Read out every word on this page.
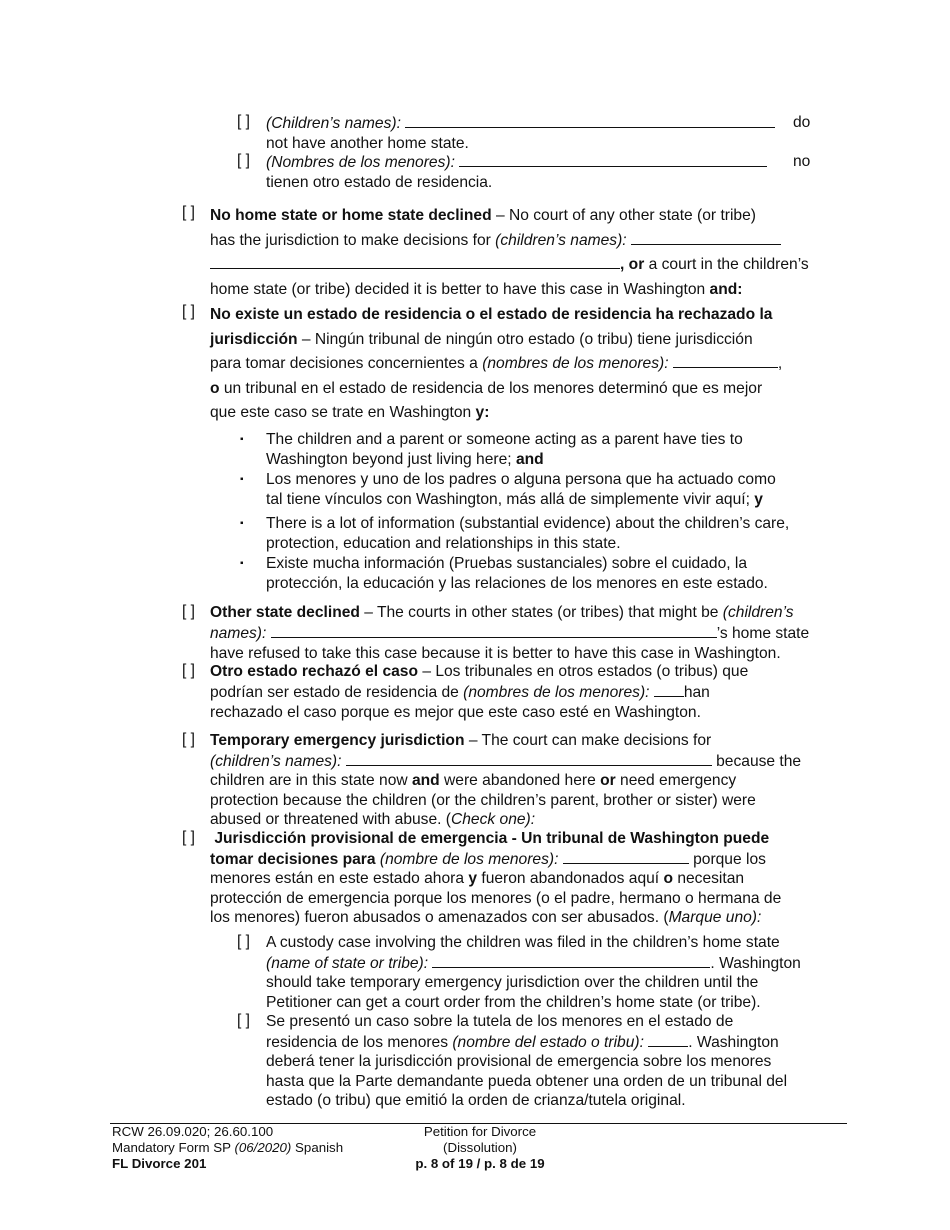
[ ] (Children’s names):	do
not have another home state.
[ ] (Nombres de los menores):	no
tienen otro estado de residencia.
[ ] No home state or home state declined – No court of any other state (or tribe)
has the jurisdiction to make decisions for (children’s names):
, or a court in the children’s
home state (or tribe) decided it is better to have this case in Washington and:
[ ] No existe un estado de residencia o el estado de residencia ha rechazado la
jurisdicción – Ningún tribunal de ningún otro estado (o tribu) tiene jurisdicción
para tomar decisiones concernientes a (nombres de los menores):	,
o un tribunal en el estado de residencia de los menores determinó que es mejor
que este caso se trate en Washington y:
▪ The children and a parent or someone acting as a parent have ties to
Washington beyond just living here; and
▪ Los menores y uno de los padres o alguna persona que ha actuado como
tal tiene vínculos con Washington, más allá de simplemente vivir aquí; y
▪ There is a lot of information (substantial evidence) about the children’s care,
protection, education and relationships in this state.
▪ Existe mucha información (Pruebas sustanciales) sobre el cuidado, la
protección, la educación y las relaciones de los menores en este estado.
[ ] Other state declined – The courts in other states (or tribes) that might be (children’s
names):	’s home state
have refused to take this case because it is better to have this case in Washington.
[ ] Otro estado rechazó el caso – Los tribunales en otros estados (o tribus) que
podrían ser estado de residencia de (nombres de los menores): han
rechazado el caso porque es mejor que este caso esté en Washington.
[ ] Temporary emergency jurisdiction – The court can make decisions for
(children’s names):	because the
children are in this state now and were abandoned here or need emergency
protection because the children (or the children’s parent, brother or sister) were
abused or threatened with abuse. (Check one):
[ ] Jurisdicción provisional de emergencia - Un tribunal de Washington puede
tomar decisiones para (nombre de los menores):	porque los
menores están en este estado ahora y fueron abandonados aquí o necesitan
protección de emergencia porque los menores (o el padre, hermano o hermana de
los menores) fueron abusados o amenazados con ser abusados. (Marque uno):
[ ] A custody case involving the children was filed in the children’s home state
(name of state or tribe):	. Washington
should take temporary emergency jurisdiction over the children until the
Petitioner can get a court order from the children’s home state (or tribe).
[ ] Se presentó un caso sobre la tutela de los menores en el estado de
residencia de los menores (nombre del estado o tribu):	. Washington
deberá tener la jurisdicción provisional de emergencia sobre los menores
hasta que la Parte demandante pueda obtener una orden de un tribunal del
estado (o tribu) que emitió la orden de crianza/tutela original.
RCW 26.09.020; 26.60.100
Mandatory Form SP (06/2020) Spanish
FL Divorce 201
Petition for Divorce
(Dissolution)
p. 8 of 19 / p. 8 de 19
